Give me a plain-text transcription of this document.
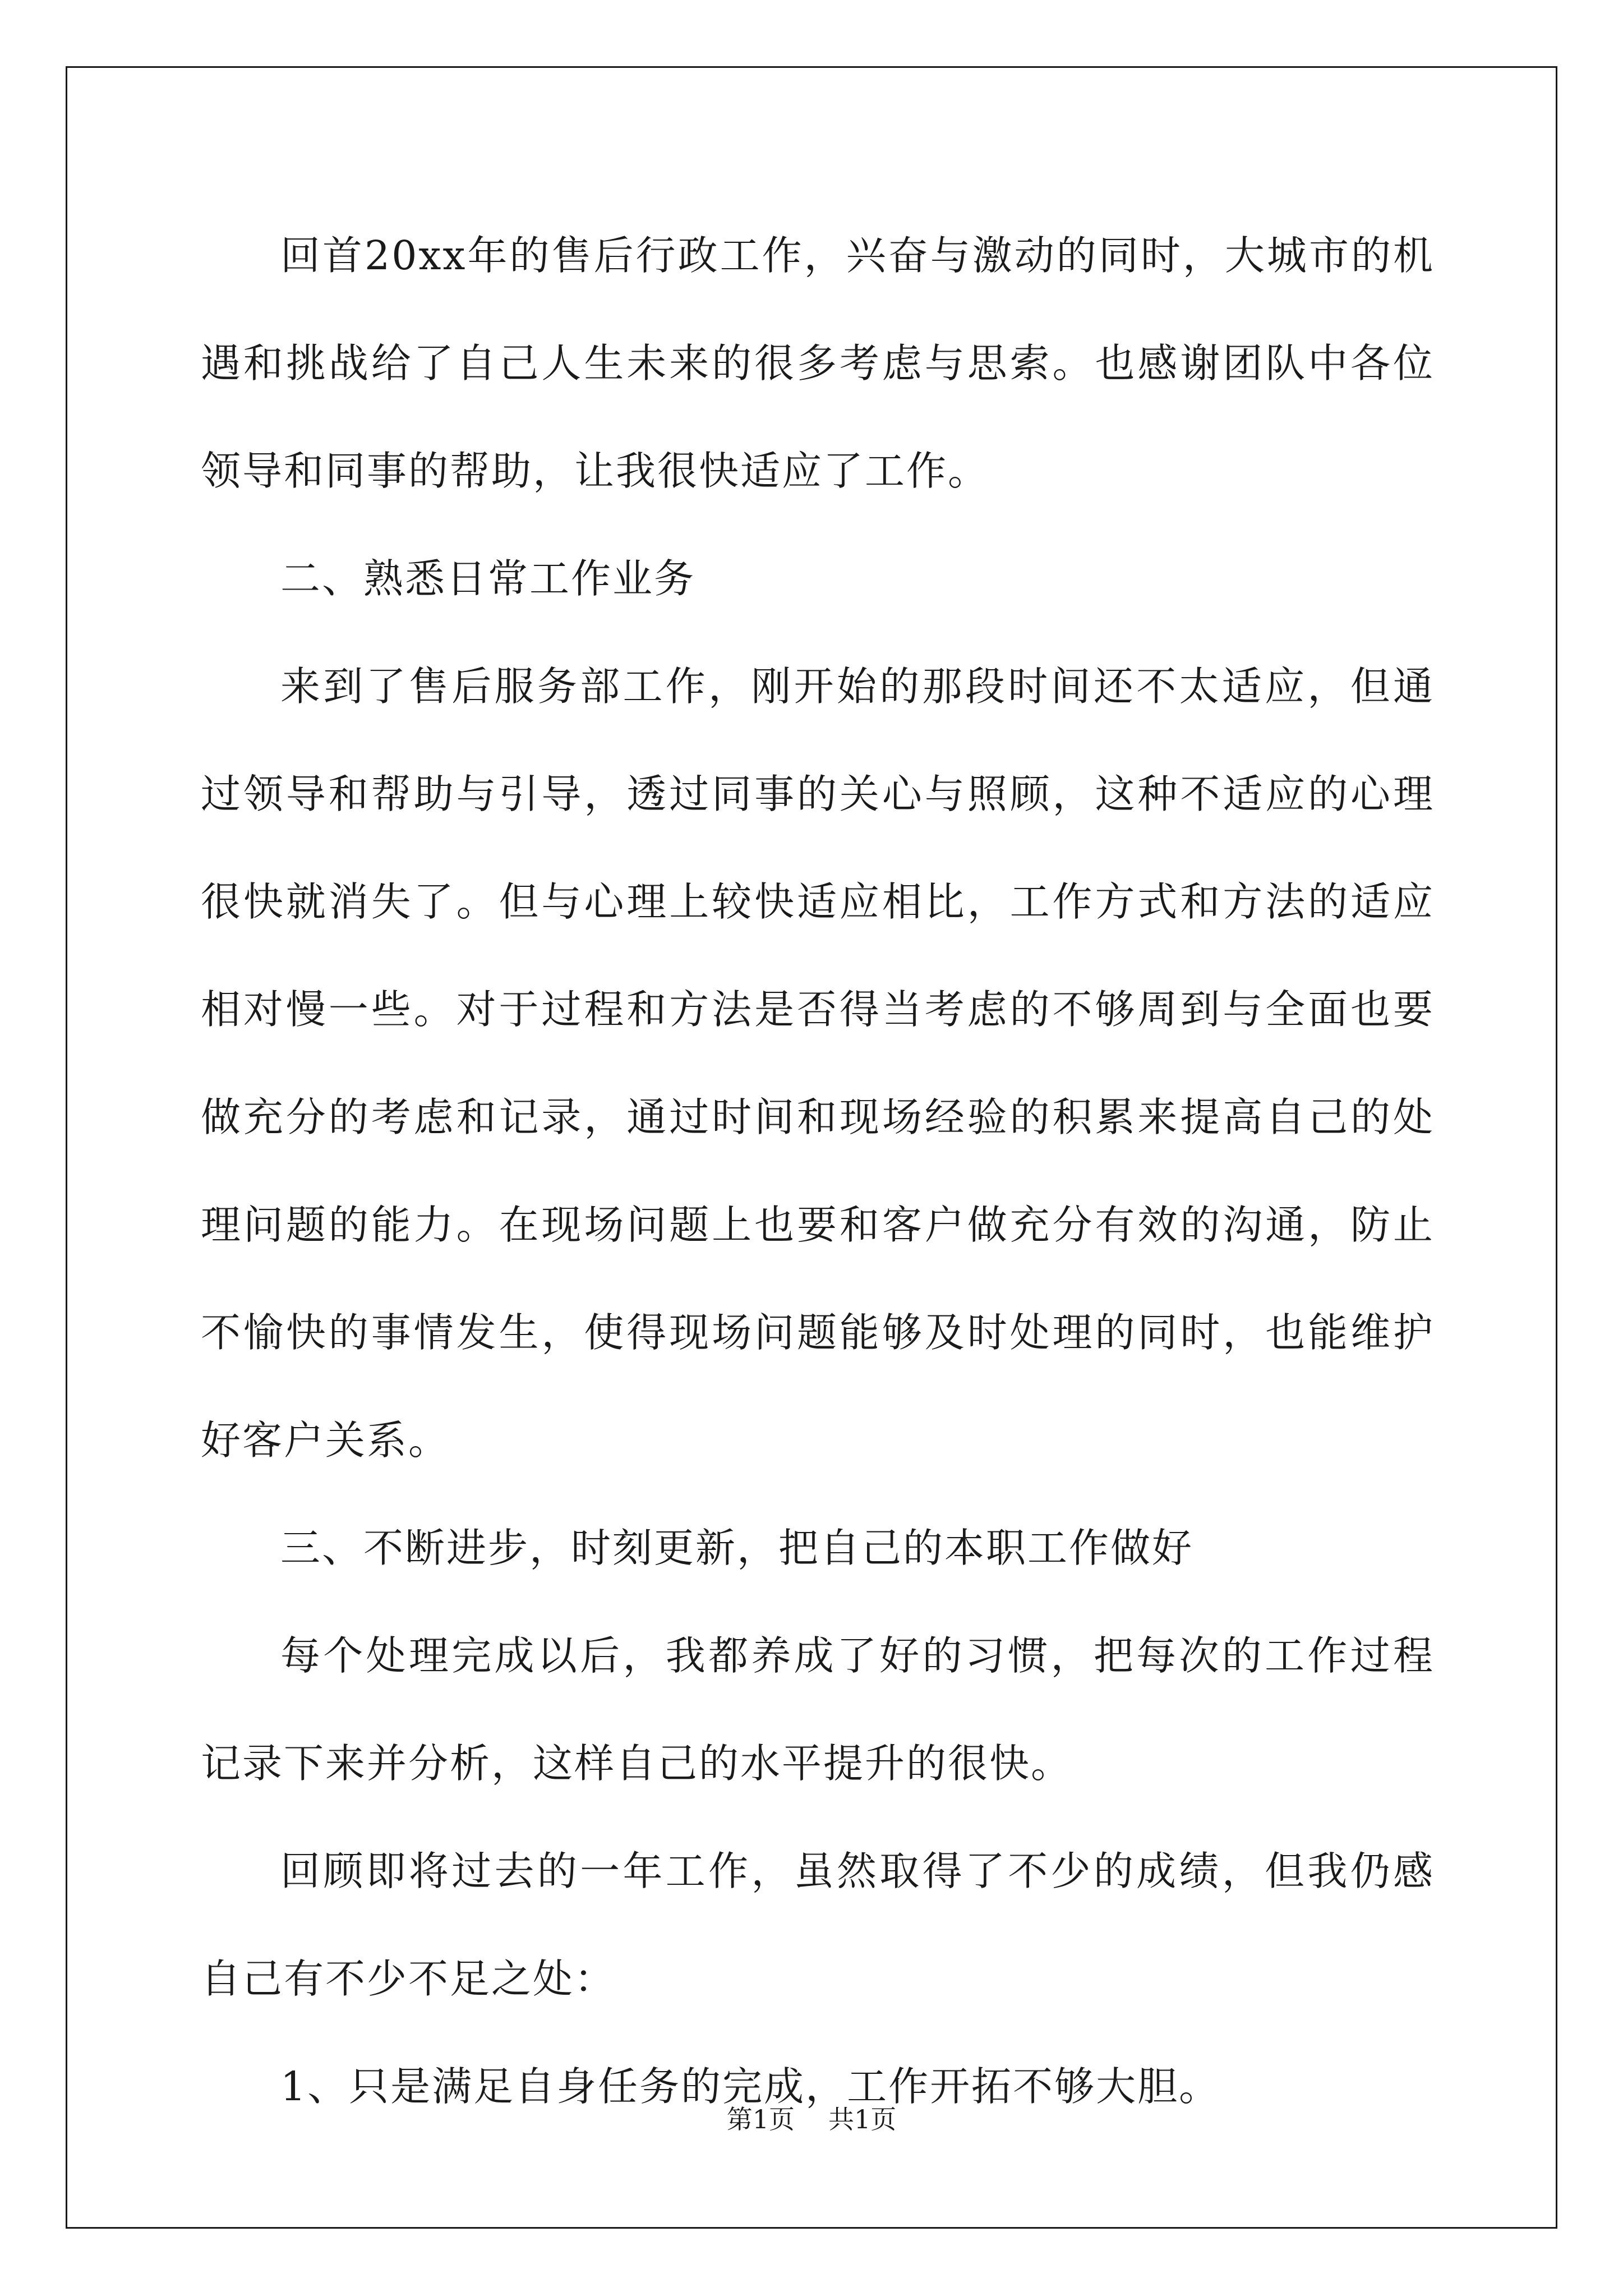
回首20xx年的售后行政工作，兴奋与激动的同时，大城市的机遇和挑战给了自己人生未来的很多考虑与思索。也感谢团队中各位领导和同事的帮助，让我很快适应了工作。

二、熟悉日常工作业务

来到了售后服务部工作，刚开始的那段时间还不太适应，但通过领导和帮助与引导，透过同事的关心与照顾，这种不适应的心理很快就消失了。但与心理上较快适应相比，工作方式和方法的适应相对慢一些。对于过程和方法是否得当考虑的不够周到与全面也要做充分的考虑和记录，通过时间和现场经验的积累来提高自己的处理问题的能力。在现场问题上也要和客户做充分有效的沟通，防止不愉快的事情发生，使得现场问题能够及时处理的同时，也能维护好客户关系。

三、不断进步，时刻更新，把自己的本职工作做好

每个处理完成以后，我都养成了好的习惯，把每次的工作过程记录下来并分析，这样自己的水平提升的很快。

回顾即将过去的一年工作，虽然取得了不少的成绩，但我仍感自己有不少不足之处：

1、只是满足自身任务的完成，工作开拓不够大胆。

第1页 共1页
